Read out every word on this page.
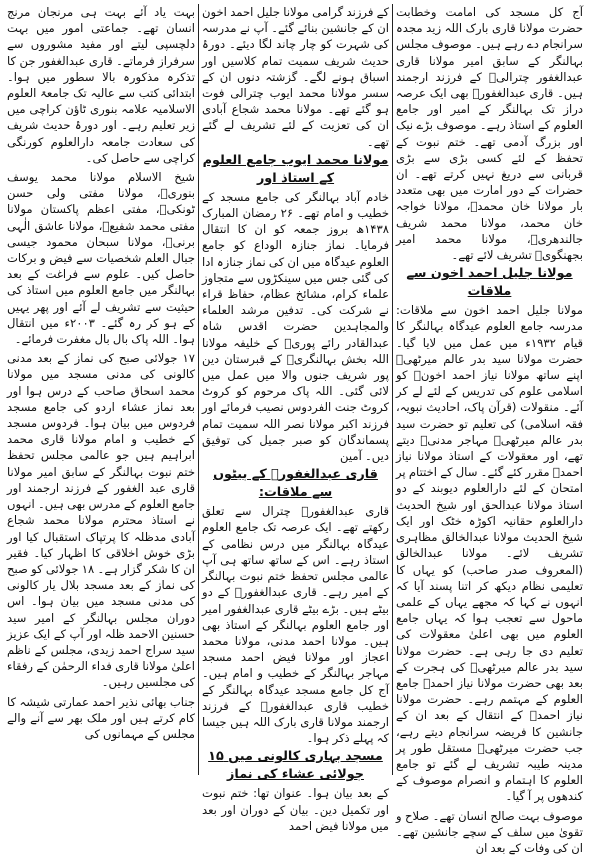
آج کل مسجد کی امامت وخطابت حضرت مولانا قاری بارک اللہ زید مجدہ سرانجام دے رہے ہیں۔ موصوف مجلس بہالنگر کے سابق امیر مولانا قاری عبدالغفور چترالیؒ کے فرزند ارجمند ہیں۔ قاری عبدالغفورؒ بھی ایک عرصہ دراز تک بہالنگر کے امیر اور جامع العلوم کے استاذ رہے۔ موصوف بڑے نیک اور بزرگ آدمی تھے۔ ختم نبوت کے تحفظ کے لئے کسی بڑی سے بڑی قربانی سے دریغ نہیں کرتے تھے۔ ان حضرات کے دور امارت میں بھی متعدد بار مولانا خان محمدؒ، مولانا خواجہ خان محمد، مولانا محمد شریف جالندھریؒ، مولانا محمد امیر بجھنگویؒ تشریف لائے تھے۔

مولانا جلیل احمد اخون سے ملاقات

مولانا جلیل احمد اخون سے ملاقات: مدرسہ جامع العلوم عیدگاہ بہالنگر کا قیام ۱۹۳۲ء میں عمل میں لایا گیا۔ حضرت مولانا سید بدر عالم میرٹھیؒ اپنے ساتھ مولانا نیاز احمد اخونؒ کو اسلامی علوم کی تدریس کے لئے لے کر آئے۔ منقولات (قرآن پاک، احادیث نبویہ، فقہ اسلامی) کی تعلیم تو حضرت سید بدر عالم میرٹھیؒ مہاجر مدنیؒ دیتے تھے، اور معقولات کے استاذ مولانا نیاز احمدؒ مقرر کئے گئے۔ سال کے اختتام پر امتحان کے لئے دارالعلوم دیوبند کے دو استاذ مولانا عبدالحق اور شیخ الحدیث دارالعلوم حقانیہ اکوڑہ خٹک اور ایک شیخ الحدیث مولانا عبدالخالق مظاہری تشریف لائے۔ مولانا عبدالخالق (المعروف صدر صاحب) کو یہاں کا تعلیمی نظام دیکھ کر اتنا پسند آیا کہ انہوں نے کہا کہ مجھے یہاں کے علمی ماحول سے تعجب ہوا کہ یہاں جامع العلوم میں بھی اعلیٰ معقولات کی تعلیم دی جا رہی ہے۔ حضرت مولانا سید بدر عالم میرٹھیؒ کی ہجرت کے بعد بھی حضرت مولانا نیاز احمدؒ جامع العلوم کے مہتمم رہے۔ حضرت مولانا نیاز احمدؒ کے انتقال کے بعد ان کے جانشین کا فریضہ سرانجام دیتے رہے، جب حضرت میرٹھیؒ مستقل طور پر مدینہ طیبہ تشریف لے گئے تو جامع العلوم کا اہتمام و انصرام موصوف کے کندھوں پر آ گیا۔

موصوف بہت صالح انسان تھے۔ صلاح و تقویٰ میں سلف کے سچے جانشین تھے۔ ان کی وفات کے بعد ان

کے فرزند گرامی مولانا جلیل احمد اخون ان کے جانشین بنائے گئے۔ آپ نے مدرسہ کی شہرت کو چار چاند لگا دیئے۔ دورۂ حدیث شریف سمیت تمام کلاسیں اور اسباق ہونے لگے۔ گزشتہ دنوں ان کے سسر مولانا محمد ایوب چترالی فوت ہو گئے تھے۔ مولانا محمد شجاع آبادی ان کی تعزیت کے لئے تشریف لے گئے تھے۔

مولانا محمد ایوب جامع العلوم کے استاذ اور

خادم آباد بہالنگر کی جامع مسجد کے خطیب و امام تھے۔ ۲۶ رمضان المبارک ۱۴۳۸ھ بروز جمعہ کو ان کا انتقال فرمایا۔ نماز جنازہ الوداع کو جامع العلوم عیدگاہ میں ان کی نماز جنازہ ادا کی گئی جس میں سینکڑوں سے متجاوز علماء کرام، مشائخ عظام، حفاظ قراء نے شرکت کی۔ تدفین مرشد العلماء والمجاہدین حضرت اقدس شاہ عبدالقادر رائے پوریؒ کے خلیفہ مولانا اللہ بخش بہالنگریؒ کے قبرستان دین پور شریف جنوں والا میں عمل میں لائی گئی۔ اللہ پاک مرحوم کو کروٹ کروٹ جنت الفردوس نصیب فرمائے اور فرزند اکبر مولانا نصر اللہ سمیت تمام پسماندگان کو صبر جمیل کی توفیق دیں۔ آمین

قاری عبدالغفورؒ کے بیٹوں سے ملاقات:

قاری عبدالغفورؒ چترال سے تعلق رکھتے تھے۔ ایک عرصہ تک جامع العلوم عیدگاہ بہالنگر میں درس نظامی کے استاذ رہے۔ اس کے ساتھ ساتھ ہی آپ عالمی مجلس تحفظ ختم نبوت بہالنگر کے امیر رہے۔ قاری عبدالغفورؒ کے دو بیٹے ہیں۔ بڑے بیٹے قاری عبدالغفور امیر اور جامع العلوم بہالنگر کے استاذ بھی ہیں۔ مولانا احمد مدنی، مولانا محمد اعجاز اور مولانا فیض احمد مسجد مہاجر بہالنگر کے خطیب و امام ہیں۔ آج کل جامع مسجد عیدگاہ بہالنگر کے خطیب قاری عبدالغفورؒ کے فرزند ارجمند مولانا قاری بارک اللہ ہیں جیسا کہ پہلے ذکر ہوا۔

مسجد بہاری کالونی میں ۱۵ جولائی عشاء کی نماز

کے بعد بیان ہوا۔ عنوان تھا: ختم نبوت اور تکمیل دین۔ بیان کے دوران اور بعد میں مولانا فیض احمد

بہت یاد آئے بہت ہی مرنجان مرنج انسان تھے۔ جماعتی امور میں بہت دلچسپی لیتے اور مفید مشوروں سے سرفراز فرماتے۔ قاری عبدالغفور جن کا تذکرہ مذکورہ بالا سطور میں ہوا۔ ابتدائی کتب سے عالیہ تک جامعۃ العلوم الاسلامیہ علامہ بنوری ٹاؤن کراچی میں زیر تعلیم رہے۔ اور دورۂ حدیث شریف کی سعادت جامعہ دارالعلوم کورنگی کراچی سے حاصل کی۔

شیخ الاسلام مولانا محمد یوسف بنوریؒ، مولانا مفتی ولی حسن ٹونکیؒ، مفتی اعظم پاکستان مولانا مفتی محمد شفیعؒ، مولانا عاشق الٰہی برنیؒ، مولانا سبحان محمود جیسی جبال العلم شخصیات سے فیض و برکات حاصل کیں۔ علوم سے فراغت کے بعد بہالنگر میں جامع العلوم میں استاذ کی حیثیت سے تشریف لے آئے اور پھر یہیں کے ہو کر رہ گئے۔ ۲۰۰۳ء میں انتقال ہوا۔ اللہ پاک بال بال مغفرت فرمائے۔

۱۷ جولائی صبح کی نماز کے بعد مدنی کالونی کی مدنی مسجد میں مولانا محمد اسحاق صاحب کے درس ہوا اور بعد نماز عشاء اردو کی جامع مسجد فردوس میں بیان ہوا۔ فردوس مسجد کے خطیب و امام مولانا قاری محمد ابراہیم ہیں جو عالمی مجلس تحفظ ختم نبوت بہالنگر کے سابق امیر مولانا قاری عبد الغفور کے فرزند ارجمند اور جامع العلوم کے مدرس بھی ہیں۔ انہوں نے استاذ محترم مولانا محمد شجاع آبادی مدظلہ کا پرتپاک استقبال کیا اور بڑی خوش اخلاقی کا اظہار کیا۔ فقیر ان کا شکر گزار ہے۔ ۱۸ جولائی کو صبح کی نماز کے بعد مسجد بلال یار کالونی کی مدنی مسجد میں بیان ہوا۔ اس دوران مجلس بہالنگر کے امیر سید حسنین الاحمد ظلہ اور آپ کے ایک عزیز سید سراج احمد زیدی، مجلس کے ناظم اعلیٰ مولانا قاری فداء الرحمٰن کے رفقاء کی مجلسیں رہیں۔

جناب بھائی نذیر احمد عمارتی شیشہ کا کام کرتے ہیں اور ملک بھر سے آنے والے مجلس کے مہمانوں کی
